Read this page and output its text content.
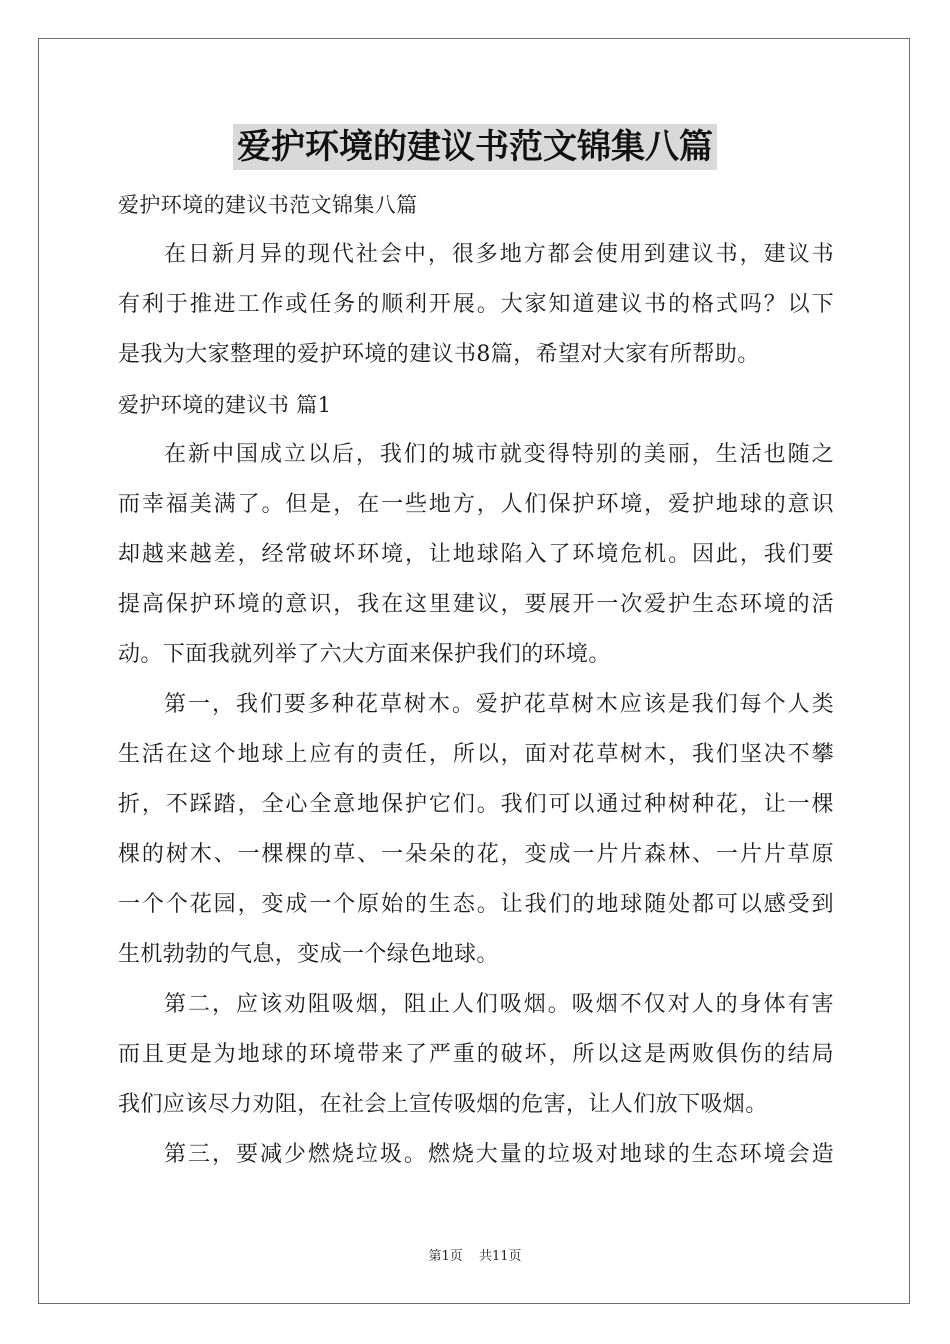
爱护环境的建议书范文锦集八篇
爱护环境的建议书范文锦集八篇
在日新月异的现代社会中，很多地方都会使用到建议书，建议书
有利于推进工作或任务的顺利开展。大家知道建议书的格式吗？以下
是我为大家整理的爱护环境的建议书8篇，希望对大家有所帮助。
爱护环境的建议书 篇1
在新中国成立以后，我们的城市就变得特别的美丽，生活也随之
而幸福美满了。但是，在一些地方，人们保护环境，爱护地球的意识
却越来越差，经常破坏环境，让地球陷入了环境危机。因此，我们要
提高保护环境的意识，我在这里建议，要展开一次爱护生态环境的活
动。下面我就列举了六大方面来保护我们的环境。
第一，我们要多种花草树木。爱护花草树木应该是我们每个人类
生活在这个地球上应有的责任，所以，面对花草树木，我们坚决不攀
折，不踩踏，全心全意地保护它们。我们可以通过种树种花，让一棵
棵的树木、一棵棵的草、一朵朵的花，变成一片片森林、一片片草原
一个个花园，变成一个原始的生态。让我们的地球随处都可以感受到
生机勃勃的气息，变成一个绿色地球。
第二，应该劝阻吸烟，阻止人们吸烟。吸烟不仅对人的身体有害
而且更是为地球的环境带来了严重的破坏，所以这是两败俱伤的结局
我们应该尽力劝阻，在社会上宣传吸烟的危害，让人们放下吸烟。
第三，要减少燃烧垃圾。燃烧大量的垃圾对地球的生态环境会造
第1页 共11页
